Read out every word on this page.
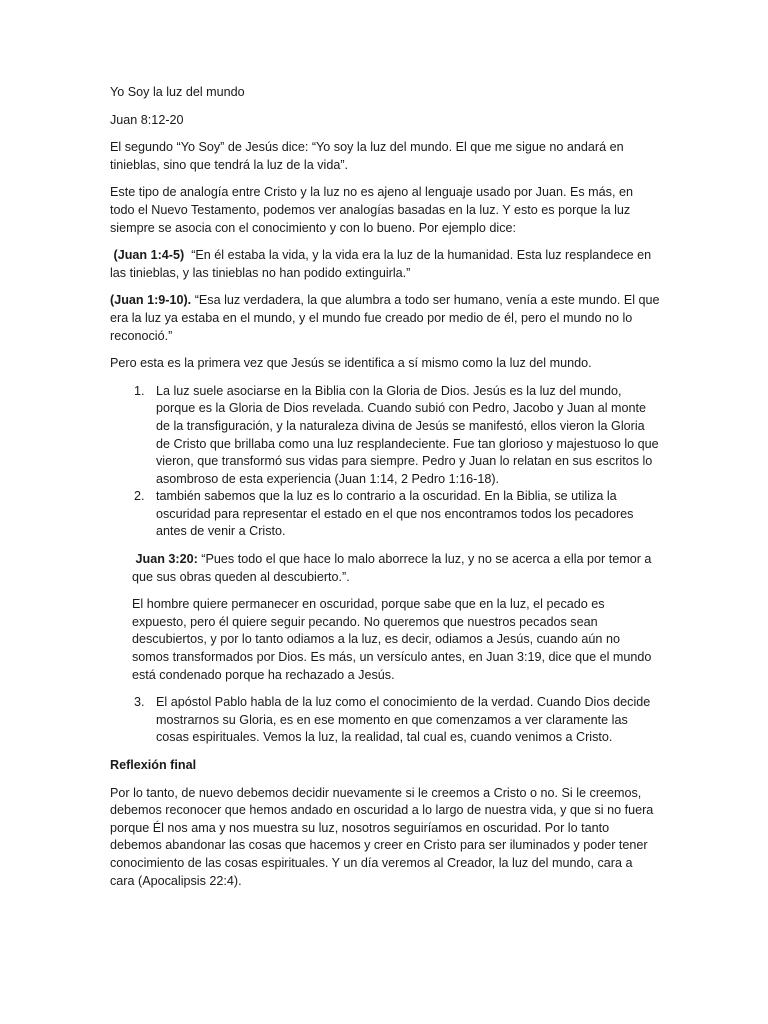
Yo Soy la luz del mundo

Juan 8:12-20

El segundo “Yo Soy” de Jesús dice: “Yo soy la luz del mundo. El que me sigue no andará en tinieblas, sino que tendrá la luz de la vida”.

Este tipo de analogía entre Cristo y la luz no es ajeno al lenguaje usado por Juan. Es más, en todo el Nuevo Testamento, podemos ver analogías basadas en la luz. Y esto es porque la luz siempre se asocia con el conocimiento y con lo bueno. Por ejemplo dice:

(Juan 1:4-5) “En él estaba la vida, y la vida era la luz de la humanidad. Esta luz resplandece en las tinieblas, y las tinieblas no han podido extinguirla.”

(Juan 1:9-10). “Esa luz verdadera, la que alumbra a todo ser humano, venía a este mundo. El que era la luz ya estaba en el mundo, y el mundo fue creado por medio de él, pero el mundo no lo reconoció.”

Pero esta es la primera vez que Jesús se identifica a sí mismo como la luz del mundo.

1. La luz suele asociarse en la Biblia con la Gloria de Dios. Jesús es la luz del mundo, porque es la Gloria de Dios revelada. Cuando subió con Pedro, Jacobo y Juan al monte de la transfiguración, y la naturaleza divina de Jesús se manifestó, ellos vieron la Gloria de Cristo que brillaba como una luz resplandeciente. Fue tan glorioso y majestuoso lo que vieron, que transformó sus vidas para siempre. Pedro y Juan lo relatan en sus escritos lo asombroso de esta experiencia (Juan 1:14, 2 Pedro 1:16-18).
2. también sabemos que la luz es lo contrario a la oscuridad. En la Biblia, se utiliza la oscuridad para representar el estado en el que nos encontramos todos los pecadores antes de venir a Cristo.

Juan 3:20: “Pues todo el que hace lo malo aborrece la luz, y no se acerca a ella por temor a que sus obras queden al descubierto.”.

El hombre quiere permanecer en oscuridad, porque sabe que en la luz, el pecado es expuesto, pero él quiere seguir pecando. No queremos que nuestros pecados sean descubiertos, y por lo tanto odiamos a la luz, es decir, odiamos a Jesús, cuando aún no somos transformados por Dios. Es más, un versículo antes, en Juan 3:19, dice que el mundo está condenado porque ha rechazado a Jesús.

3. El apóstol Pablo habla de la luz como el conocimiento de la verdad. Cuando Dios decide mostrarnos su Gloria, es en ese momento en que comenzamos a ver claramente las cosas espirituales. Vemos la luz, la realidad, tal cual es, cuando venimos a Cristo.

Reflexión final

Por lo tanto, de nuevo debemos decidir nuevamente si le creemos a Cristo o no. Si le creemos, debemos reconocer que hemos andado en oscuridad a lo largo de nuestra vida, y que si no fuera porque Él nos ama y nos muestra su luz, nosotros seguiríamos en oscuridad. Por lo tanto debemos abandonar las cosas que hacemos y creer en Cristo para ser iluminados y poder tener conocimiento de las cosas espirituales. Y un día veremos al Creador, la luz del mundo, cara a cara (Apocalipsis 22:4).
